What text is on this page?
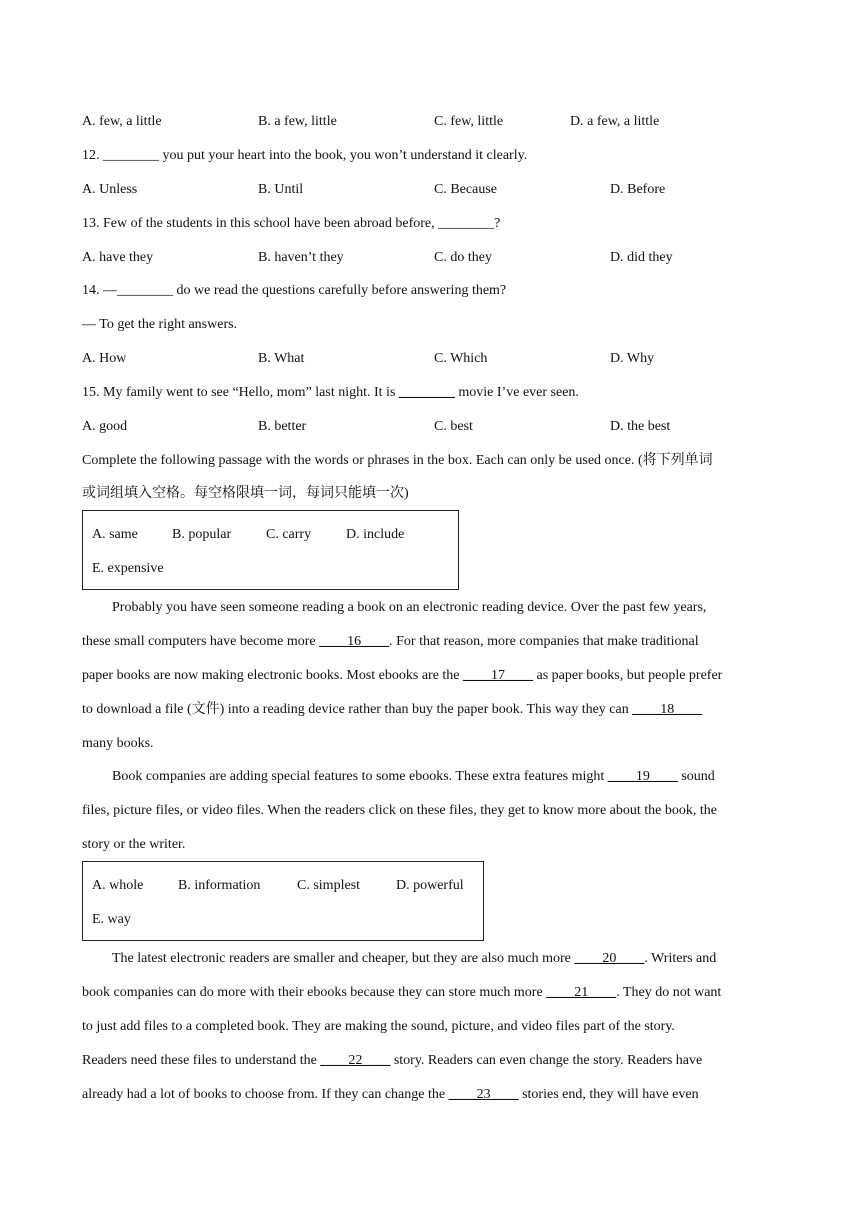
A. few, a little	B. a few, little	C. few, little	D. a few, a little
12. ________ you put your heart into the book, you won’t understand it clearly.
A. Unless	B. Until	C. Because	D. Before
13. Few of the students in this school have been abroad before, ________?
A. have they	B. haven’t they	C. do they	D. did they
14. —________ do we read the questions carefully before answering them?
— To get the right answers.
A. How	B. What	C. Which	D. Why
15. My family went to see “Hello, mom” last night. It is ________ movie I’ve ever seen.
A. good	B. better	C. best	D. the best
Complete the following passage with the words or phrases in the box. Each can only be used once. (将下列单词
或词组填入空格。每空格限填一词，每词只能填一次)
A. same B. popular C. carry D. include
E. expensive
Probably you have seen someone reading a book on an electronic reading device. Over the past few years,
these small computers have become more ____16____. For that reason, more companies that make traditional
paper books are now making electronic books. Most ebooks are the ____17____ as paper books, but people prefer
to download a file (文件) into a reading device rather than buy the paper book. This way they can ____18____
many books.
Book companies are adding special features to some ebooks. These extra features might ____19____ sound
files, picture files, or video files. When the readers click on these files, they get to know more about the book, the
story or the writer.
A. whole B. information	C. simplest	D. powerful
E. way
The latest electronic readers are smaller and cheaper, but they are also much more ____20____. Writers and
book companies can do more with their ebooks because they can store much more ____21____. They do not want
to just add files to a completed book. They are making the sound, picture, and video files part of the story.
Readers need these files to understand the ____22____ story. Readers can even change the story. Readers have
already had a lot of books to choose from. If they can change the ____23____ stories end, they will have even
